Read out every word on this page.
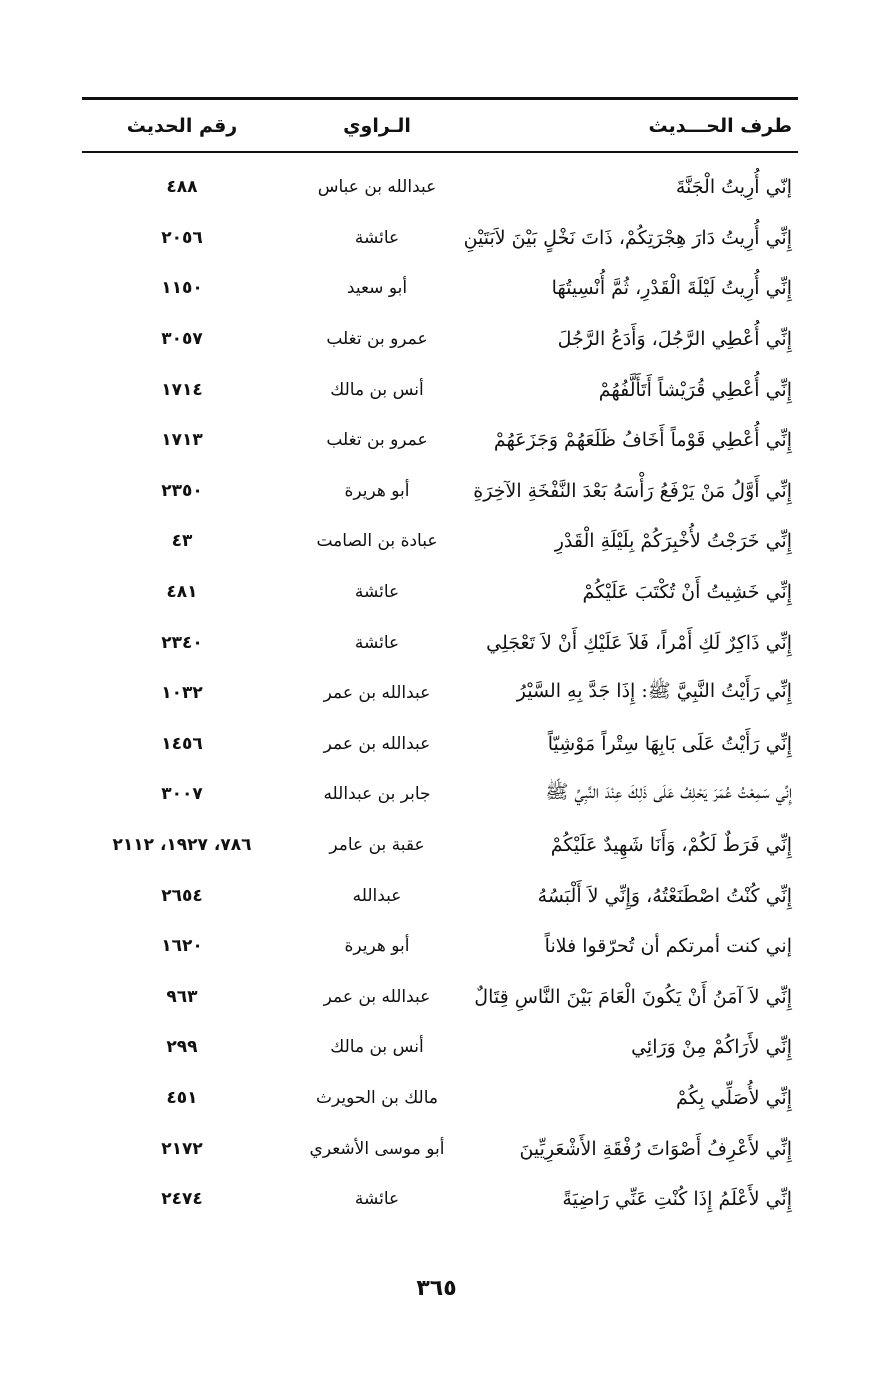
طرف الحـــديث
الـراوي
رقم الحديث
إنّي أُرِيتُ الْجَنَّةَ
عبدالله بن عباس
٤٨٨
إِنِّي أُرِيتُ دَارَ هِجْرَتِكُمْ، ذَاتَ نَخْلٍ بَيْنَ لاَبَتَيْنِ
عائشة
٢٠٥٦
إِنِّي أُرِيتُ لَيْلَةَ الْقَدْرِ، ثُمَّ أُنْسِيتُهَا
أبو سعيد
١١٥٠
إِنِّي أُعْطِي الرَّجُلَ، وَأَدَعُ الرَّجُلَ
عمرو بن تغلب
٣٠٥٧
إِنِّي أُعْطِي قُرَيْشاً أَتَأَلَّفُهُمْ
أنس بن مالك
١٧١٤
إِنِّي أُعْطِي قَوْماً أَخَافُ ظَلَعَهُمْ وَجَزَعَهُمْ
عمرو بن تغلب
١٧١٣
إِنِّي أَوَّلُ مَنْ يَرْفَعُ رَأْسَهُ بَعْدَ النَّفْخَةِ الآخِرَةِ
أبو هريرة
٢٣٥٠
إِنِّي خَرَجْتُ لأُخْبِرَكُمْ بِلَيْلَةِ الْقَدْرِ
عبادة بن الصامت
٤٣
إِنِّي خَشِيتُ أَنْ تُكْتَبَ عَلَيْكُمْ
عائشة
٤٨١
إِنِّي ذَاكِرٌ لَكِ أَمْراً، فَلاَ عَلَيْكِ أَنْ لاَ تَعْجَلِي
عائشة
٢٣٤٠
إِنِّي رَأَيْتُ النَّبِيَّ ﷺ: إِذَا جَدَّ بِهِ السَّيْرُ
عبدالله بن عمر
١٠٣٢
إِنِّي رَأَيْتُ عَلَى بَابِهَا سِتْراً مَوْشِيّاً
عبدالله بن عمر
١٤٥٦
إِنِّي سَمِعْتُ عُمَرَ يَحْلِفُ عَلَى ذَلِكَ عِنْدَ النَّبِيِّ ﷺ
جابر بن عبدالله
٣٠٠٧
إِنِّي فَرَطٌ لَكُمْ، وَأَنَا شَهِيدٌ عَلَيْكُمْ
عقبة بن عامر
٧٨٦، ١٩٢٧، ٢١١٢
إِنِّي كُنْتُ اصْطَنَعْتُهُ، وَإِنِّي لاَ أَلْبَسُهُ
عبدالله
٢٦٥٤
إني كنت أمرتكم أن تُحرّقوا فلاناً
أبو هريرة
١٦٢٠
إِنِّي لاَ آمَنُ أَنْ يَكُونَ الْعَامَ بَيْنَ النَّاسِ قِتَالٌ
عبدالله بن عمر
٩٦٣
إِنِّي لأَرَاكُمْ مِنْ وَرَائِي
أنس بن مالك
٢٩٩
إِنِّي لأُصَلِّي بِكُمْ
مالك بن الحويرث
٤٥١
إِنِّي لأَعْرِفُ أَصْوَاتَ رُفْقَةِ الأَشْعَرِيِّينَ
أبو موسى الأشعري
٢١٧٢
إِنِّي لأَعْلَمُ إِذَا كُنْتِ عَنِّي رَاضِيَةً
عائشة
٢٤٧٤
٣٦٥
